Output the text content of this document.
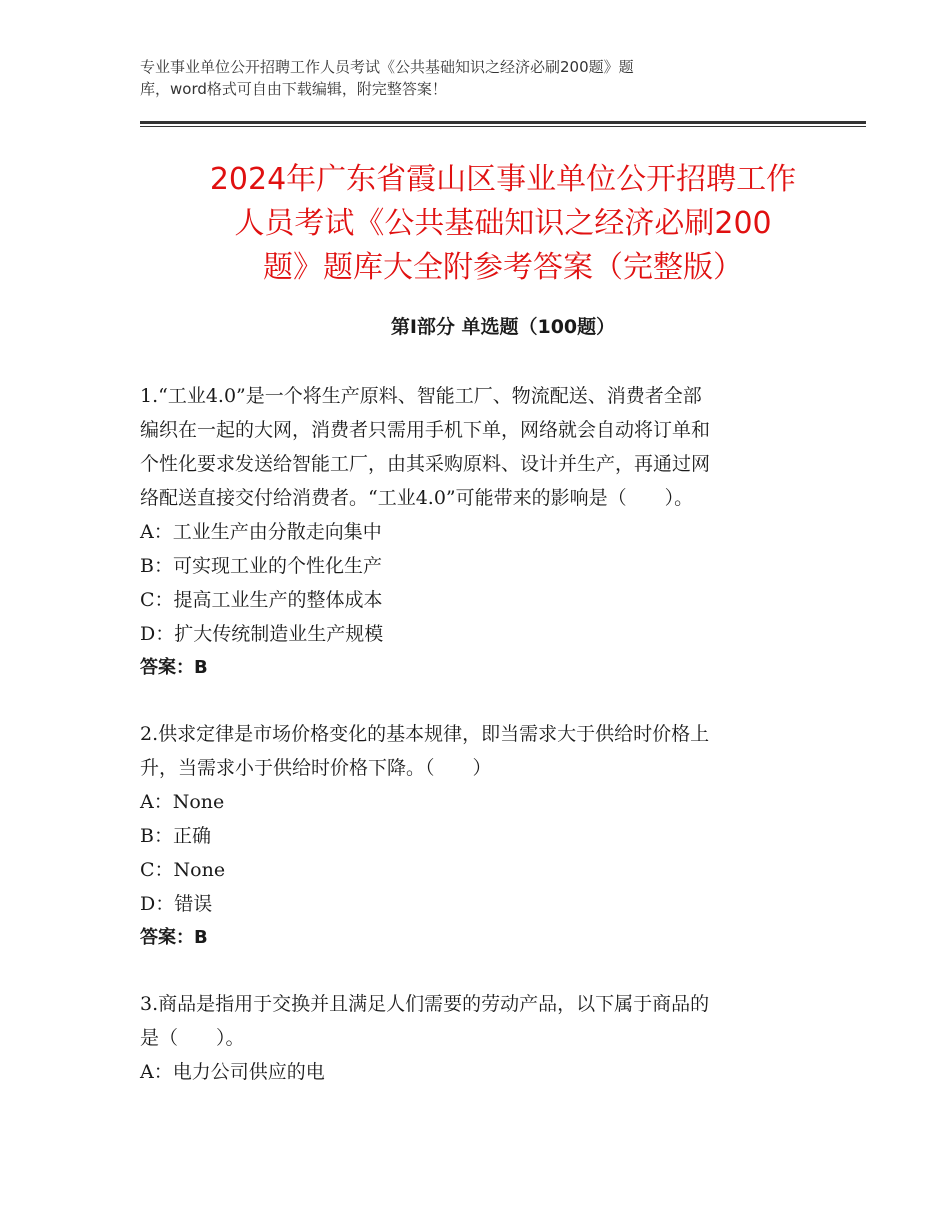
专业事业单位公开招聘工作人员考试《公共基础知识之经济必刷200题》题
库，word格式可自由下载编辑，附完整答案！
2024年广东省霞山区事业单位公开招聘工作
人员考试《公共基础知识之经济必刷200
题》题库大全附参考答案（完整版）
第Ⅰ部分 单选题（100题）

1.“工业4.0”是一个将生产原料、智能工厂、物流配送、消费者全部
编织在一起的大网，消费者只需用手机下单，网络就会自动将订单和
个性化要求发送给智能工厂，由其采购原料、设计并生产，再通过网
络配送直接交付给消费者。“工业4.0”可能带来的影响是（　　）。

A：工业生产由分散走向集中

B：可实现工业的个性化生产

C：提高工业生产的整体成本

D：扩大传统制造业生产规模

答案：B

2.供求定律是市场价格变化的基本规律，即当需求大于供给时价格上
升，当需求小于供给时价格下降。（　　）

A：None

B：正确

C：None

D：错误

答案：B

3.商品是指用于交换并且满足人们需要的劳动产品，以下属于商品的
是（　　）。

A：电力公司供应的电
